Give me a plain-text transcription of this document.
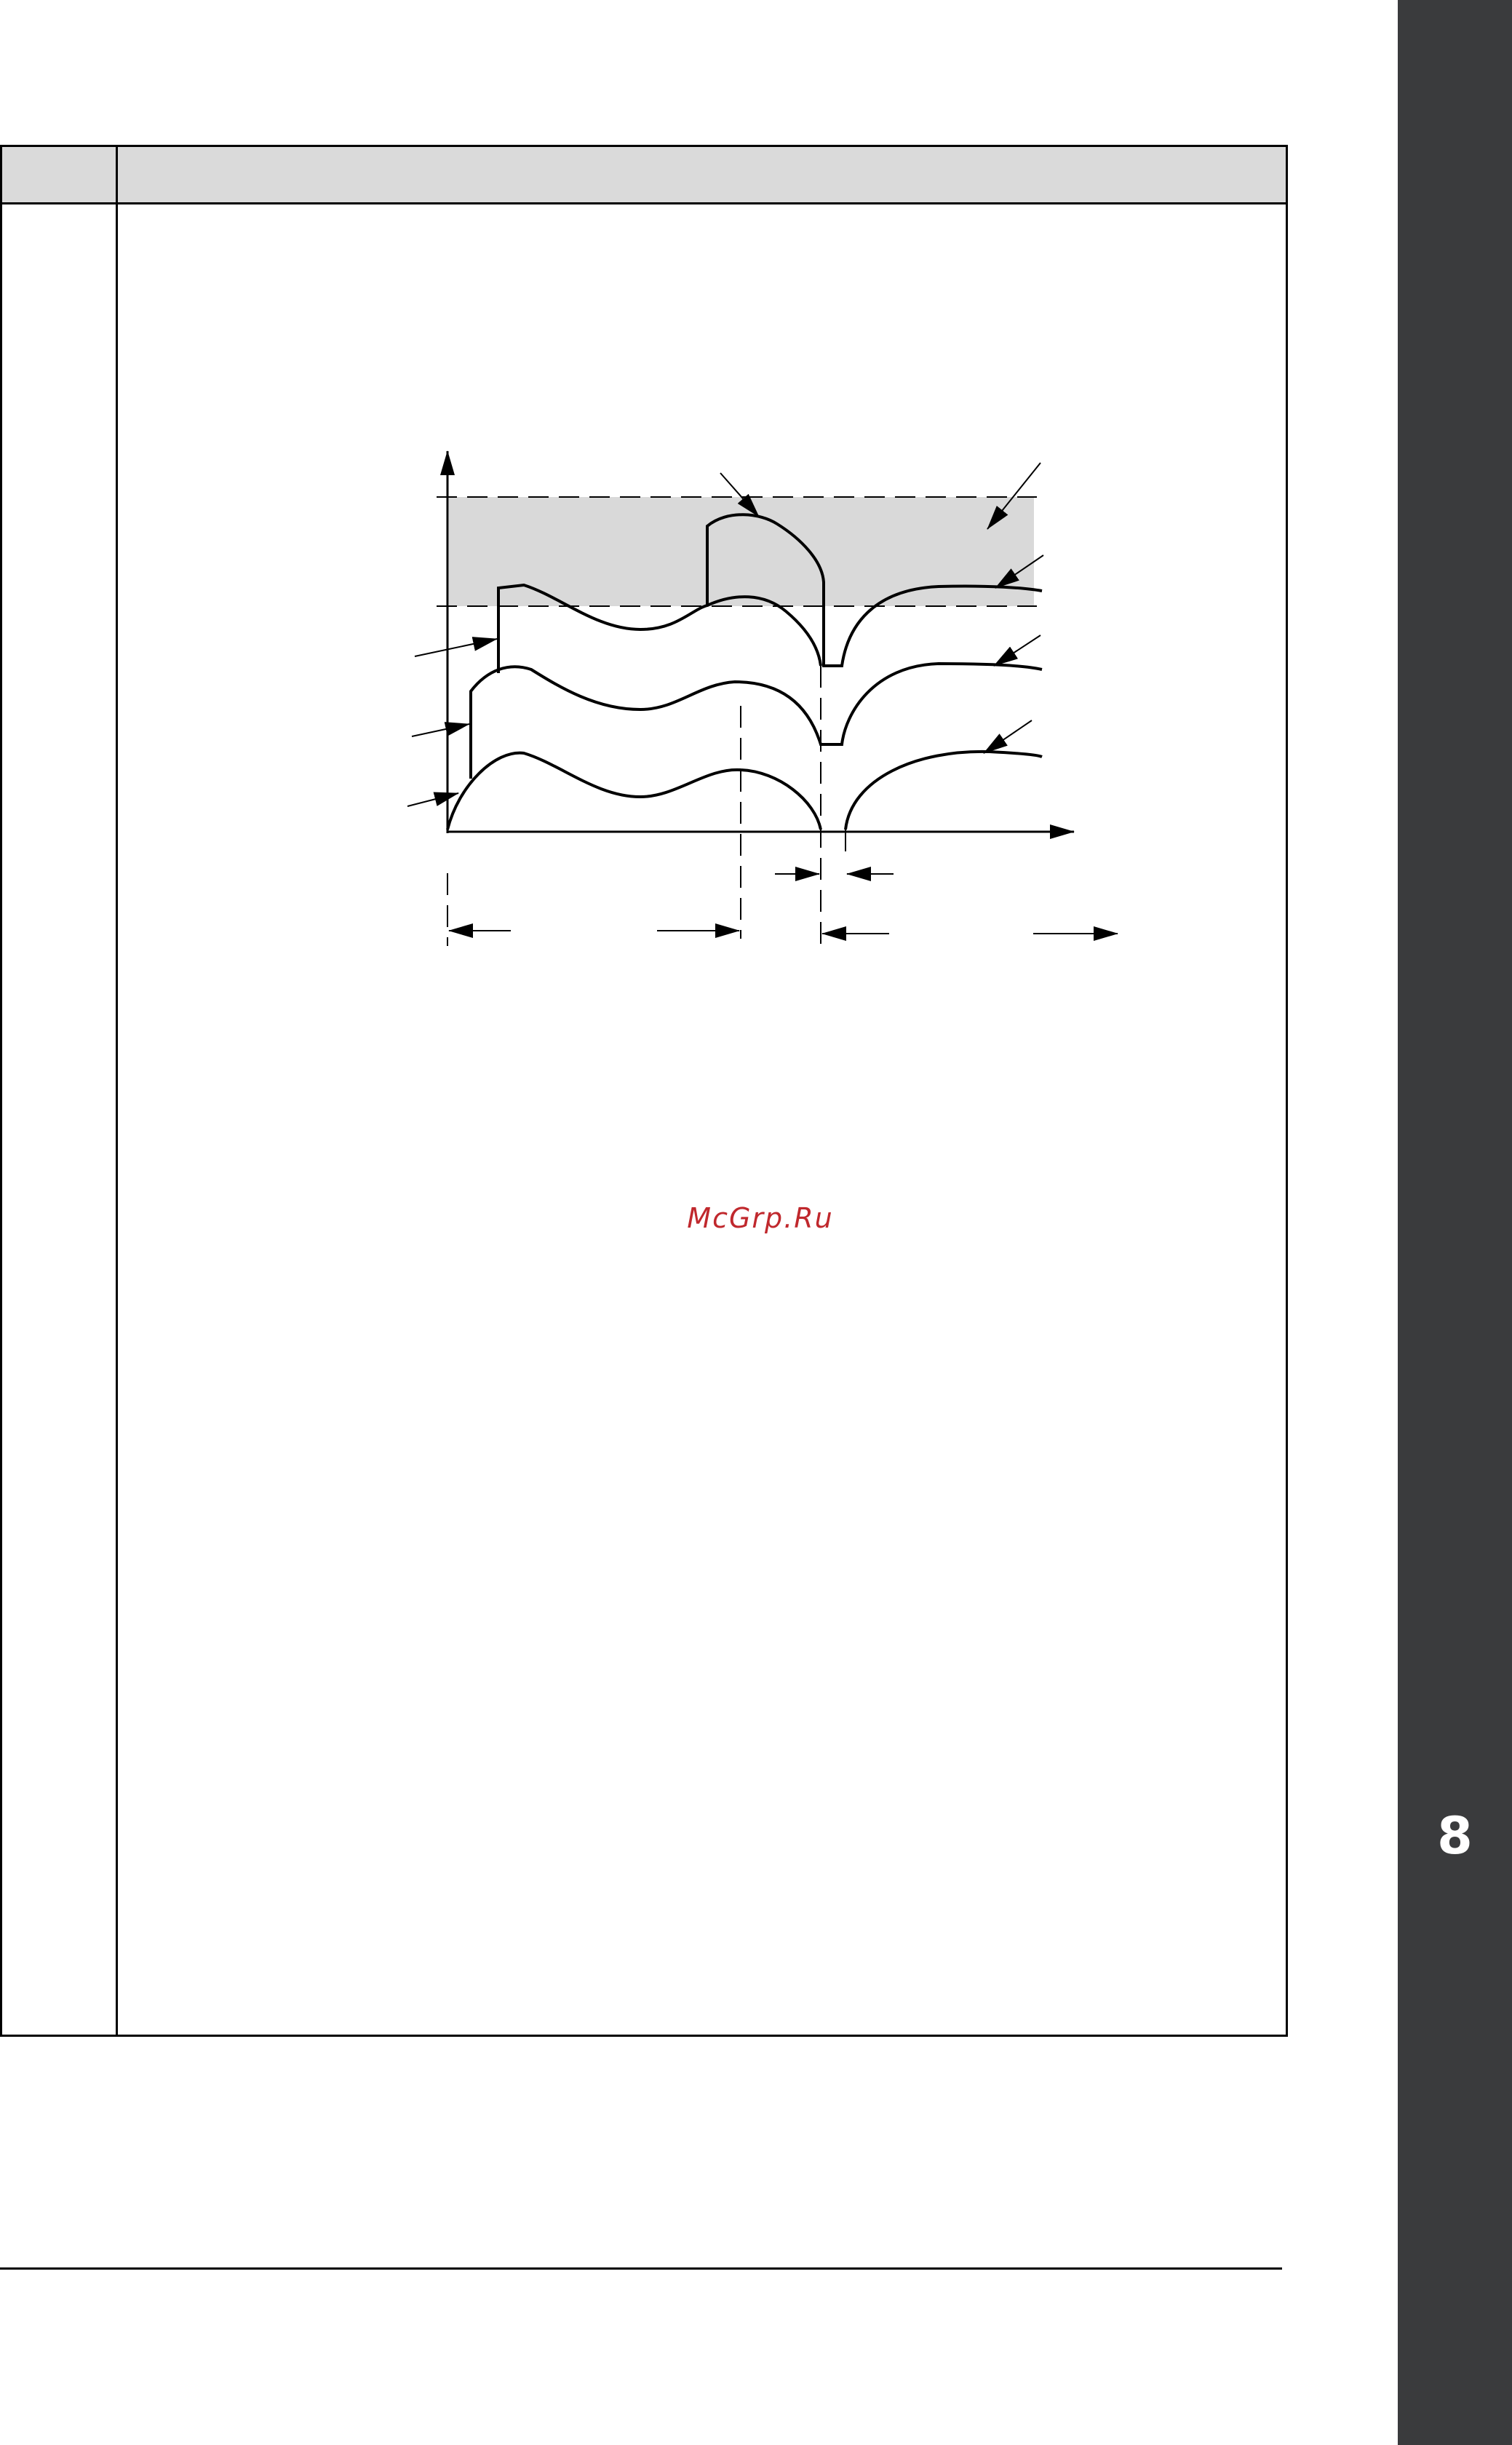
McGrp.Ru
8
